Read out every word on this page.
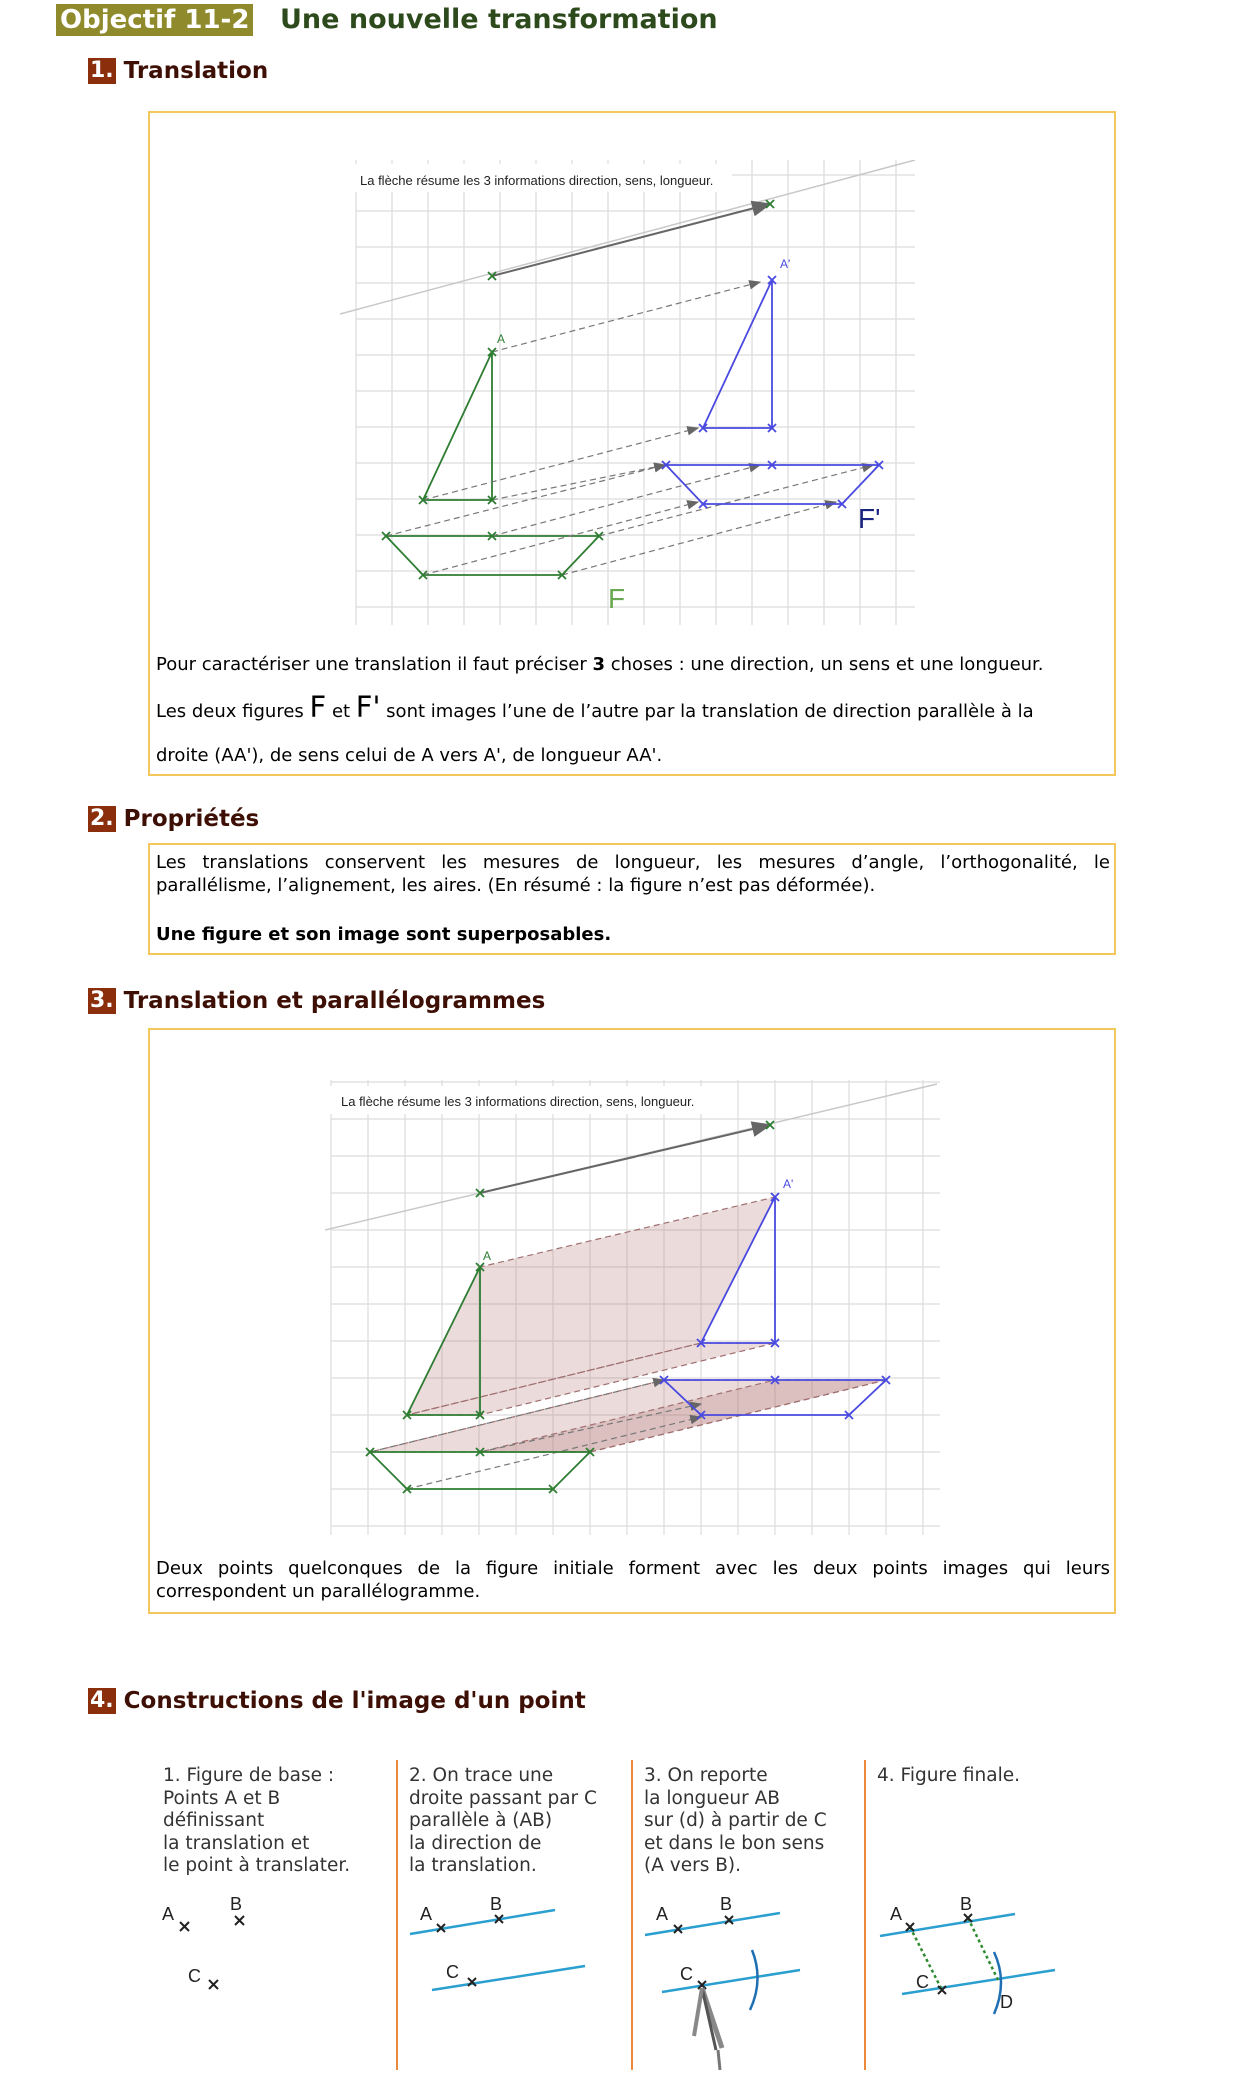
Objectif 11-2 Une nouvelle transformation
1. Translation
La flèche résume les 3 informations direction, sens, longueur.
A
A'
F'
F
Pour caractériser une translation il faut préciser 3 choses : une direction, un sens et une longueur.
Les deux figures F et F' sont images l’une de l’autre par la translation de direction parallèle à la
droite (AA'), de sens celui de A vers A', de longueur AA'.
2. Propriétés
Les translations conservent les mesures de longueur, les mesures d’angle, l’orthogonalité, le parallélisme, l’alignement, les aires. (En résumé : la figure n’est pas déformée).
Une figure et son image sont superposables.
3. Translation et parallélogrammes
La flèche résume les 3 informations direction, sens, longueur.
A
A'
Deux points quelconques de la figure initiale forment avec les deux points images qui leurs correspondent un parallélogramme.
4. Constructions de l'image d'un point
1. Figure de base :
Points A et B
définissant
la translation et
le point à translater.
2. On trace une
droite passant par C
parallèle à (AB)
la direction de
la translation.
3. On reporte
la longueur AB
sur (d) à partir de C
et dans le bon sens
(A vers B).
4. Figure finale.
A	B
C
A	B
C
A	B
C
A	B
C
D
